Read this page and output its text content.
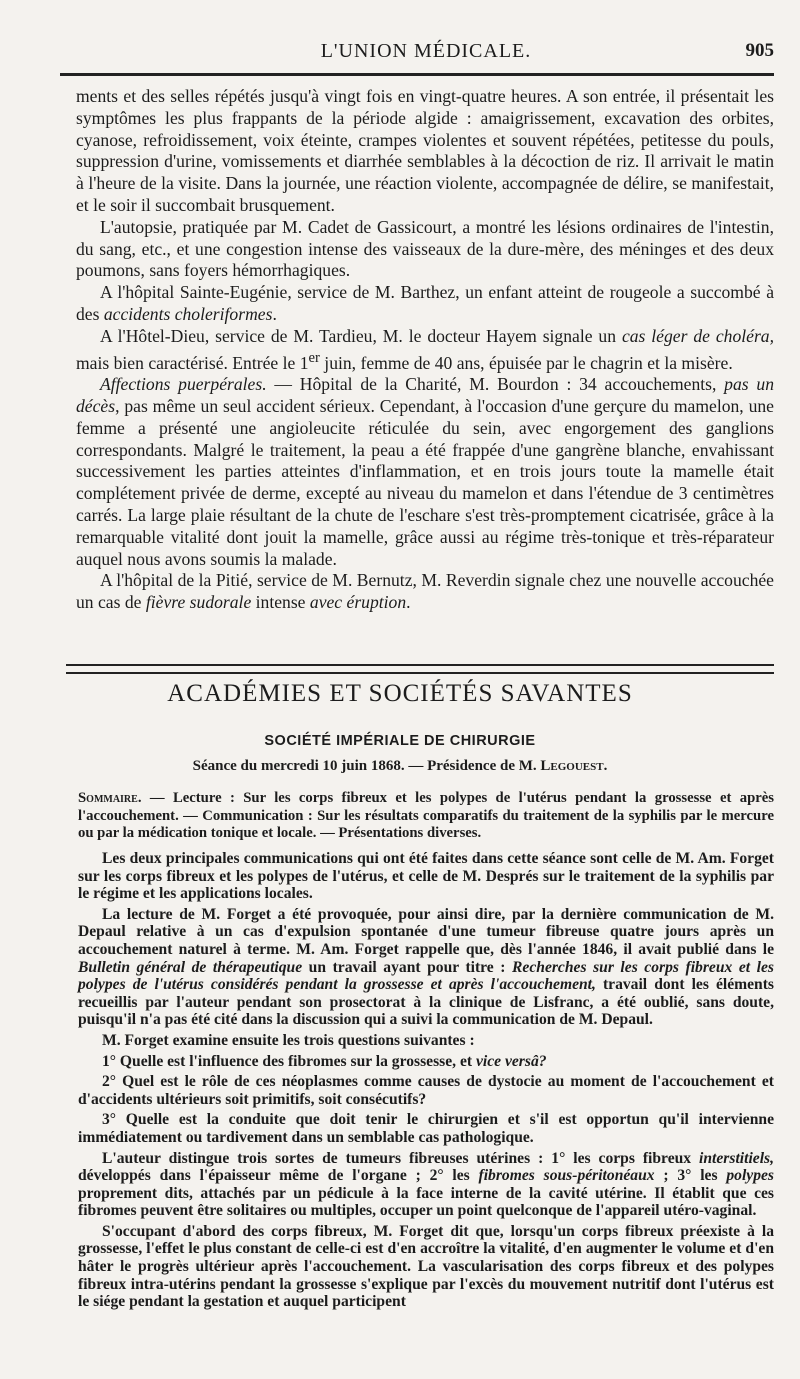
L'UNION MÉDICALE.	905

ments et des selles répétés jusqu'à vingt fois en vingt-quatre heures. A son entrée, il présentait les symptômes les plus frappants de la période algide : amaigrissement, excavation des orbites, cyanose, refroidissement, voix éteinte, crampes violentes et souvent répétées, petitesse du pouls, suppression d'urine, vomissements et diarrhée semblables à la décoction de riz. Il arrivait le matin à l'heure de la visite. Dans la journée, une réaction violente, accompagnée de délire, se manifestait, et le soir il succombait brusquement.

L'autopsie, pratiquée par M. Cadet de Gassicourt, a montré les lésions ordinaires de l'intestin, du sang, etc., et une congestion intense des vaisseaux de la dure-mère, des méninges et des deux poumons, sans foyers hémorrhagiques.

A l'hôpital Sainte-Eugénie, service de M. Barthez, un enfant atteint de rougeole a succombé à des accidents choleriformes.

A l'Hôtel-Dieu, service de M. Tardieu, M. le docteur Hayem signale un cas léger de choléra, mais bien caractérisé. Entrée le 1er juin, femme de 40 ans, épuisée par le chagrin et la misère.

Affections puerpérales. — Hôpital de la Charité, M. Bourdon : 34 accouchements, pas un décès, pas même un seul accident sérieux. Cependant, à l'occasion d'une gerçure du mamelon, une femme a présenté une angioleucite réticulée du sein, avec engorgement des ganglions correspondants. Malgré le traitement, la peau a été frappée d'une gangrène blanche, envahissant successivement les parties atteintes d'inflammation, et en trois jours toute la mamelle était complétement privée de derme, excepté au niveau du mamelon et dans l'étendue de 3 centimètres carrés. La large plaie résultant de la chute de l'eschare s'est très-promptement cicatrisée, grâce à la remarquable vitalité dont jouit la mamelle, grâce aussi au régime très-tonique et très-réparateur auquel nous avons soumis la malade.

A l'hôpital de la Pitié, service de M. Bernutz, M. Reverdin signale chez une nouvelle accouchée un cas de fièvre sudorale intense avec éruption.

ACADÉMIES ET SOCIÉTÉS SAVANTES
SOCIÉTÉ IMPÉRIALE DE CHIRURGIE
Séance du mercredi 10 juin 1868. — Présidence de M. Legouest.

Sommaire. — Lecture : Sur les corps fibreux et les polypes de l'utérus pendant la grossesse et après l'accouchement. — Communication : Sur les résultats comparatifs du traitement de la syphilis par le mercure ou par la médication tonique et locale. — Présentations diverses.

Les deux principales communications qui ont été faites dans cette séance sont celle de M. Am. Forget sur les corps fibreux et les polypes de l'utérus, et celle de M. Després sur le traitement de la syphilis par le régime et les applications locales.

La lecture de M. Forget a été provoquée, pour ainsi dire, par la dernière communication de M. Depaul relative à un cas d'expulsion spontanée d'une tumeur fibreuse quatre jours après un accouchement naturel à terme. M. Am. Forget rappelle que, dès l'année 1846, il avait publié dans le Bulletin général de thérapeutique un travail ayant pour titre : Recherches sur les corps fibreux et les polypes de l'utérus considérés pendant la grossesse et après l'accouchement, travail dont les éléments recueillis par l'auteur pendant son prosectorat à la clinique de Lisfranc, a été oublié, sans doute, puisqu'il n'a pas été cité dans la discussion qui a suivi la communication de M. Depaul.

M. Forget examine ensuite les trois questions suivantes :

1° Quelle est l'influence des fibromes sur la grossesse, et vice versâ?

2° Quel est le rôle de ces néoplasmes comme causes de dystocie au moment de l'accouchement et d'accidents ultérieurs soit primitifs, soit consécutifs?

3° Quelle est la conduite que doit tenir le chirurgien et s'il est opportun qu'il intervienne immédiatement ou tardivement dans un semblable cas pathologique.

L'auteur distingue trois sortes de tumeurs fibreuses utérines : 1° les corps fibreux interstitiels, développés dans l'épaisseur même de l'organe ; 2° les fibromes sous-péritonéaux ; 3° les polypes proprement dits, attachés par un pédicule à la face interne de la cavité utérine. Il établit que ces fibromes peuvent être solitaires ou multiples, occuper un point quelconque de l'appareil utéro-vaginal.

S'occupant d'abord des corps fibreux, M. Forget dit que, lorsqu'un corps fibreux préexiste à la grossesse, l'effet le plus constant de celle-ci est d'en accroître la vitalité, d'en augmenter le volume et d'en hâter le progrès ultérieur après l'accouchement. La vascularisation des corps fibreux et des polypes fibreux intra-utérins pendant la grossesse s'explique par l'excès du mouvement nutritif dont l'utérus est le siége pendant la gestation et auquel participent
